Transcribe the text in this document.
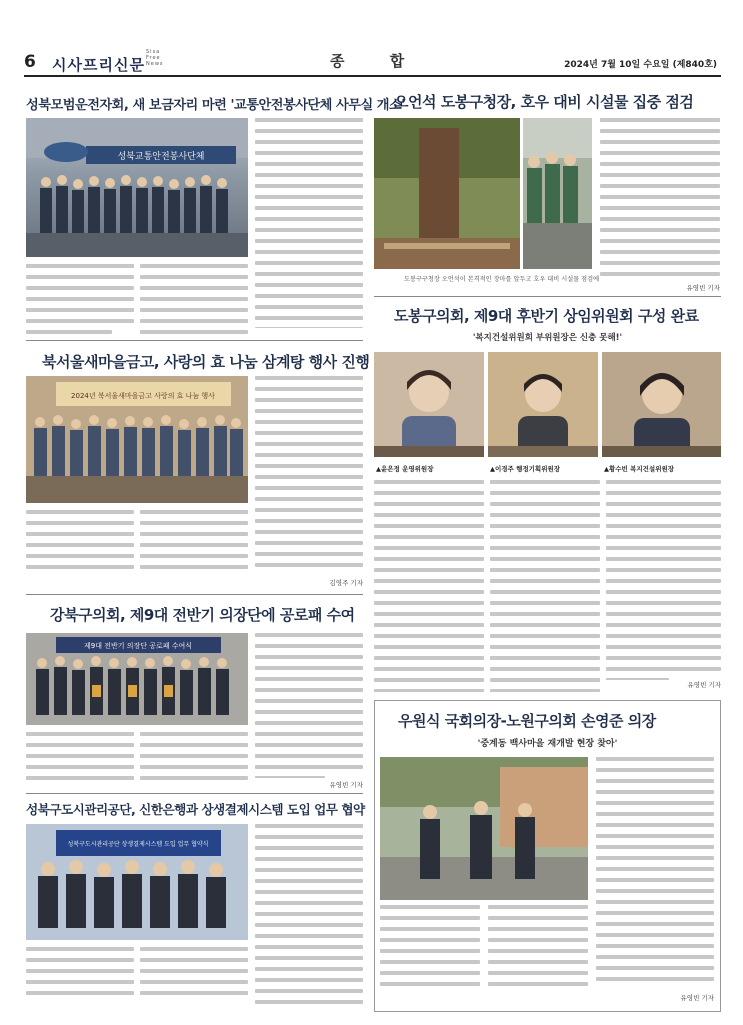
6 시사프리신문
Sisa Free News	종 합	2024년 7월 10일 수요일 (제840호)
성북모범운전자회, 새 보금자리 마련 '교통안전봉사단체 사무실 개소'
성북교통안전봉사단체
오언석 도봉구청장, 호우 대비 시설물 집중 점검
도봉구구청장 오언석이 본격적인 장마를 앞두고 호우 대비 시설물 점검에
유영빈 기자
도봉구의회, 제9대 후반기 상임위원회 구성 완료
'복지건설위원회 부위원장은 신충 못해!'
▲윤은정 운영위원장	▲이경주 행정기획위원장	▲황수빈 복지건설위원장
유영빈 기자
북서울새마을금고, 사랑의 효 나눔 삼계탕 행사 진행
2024년 북서울새마을금고 사랑의 효 나눔 행사
김영주 기자
강북구의회, 제9대 전반기 의장단에 공로패 수여
제9대 전반기 의장단 공로패 수여식
유영빈 기자
성북구도시관리공단, 신한은행과 상생결제시스템 도입 업무 협약
성북구도시관리공단 상생결제시스템 도입 업무 협약식
우원식 국회의장-노원구의회 손영준 의장
'중계동 백사마을 재개발 현장 찾아'
유영빈 기자
